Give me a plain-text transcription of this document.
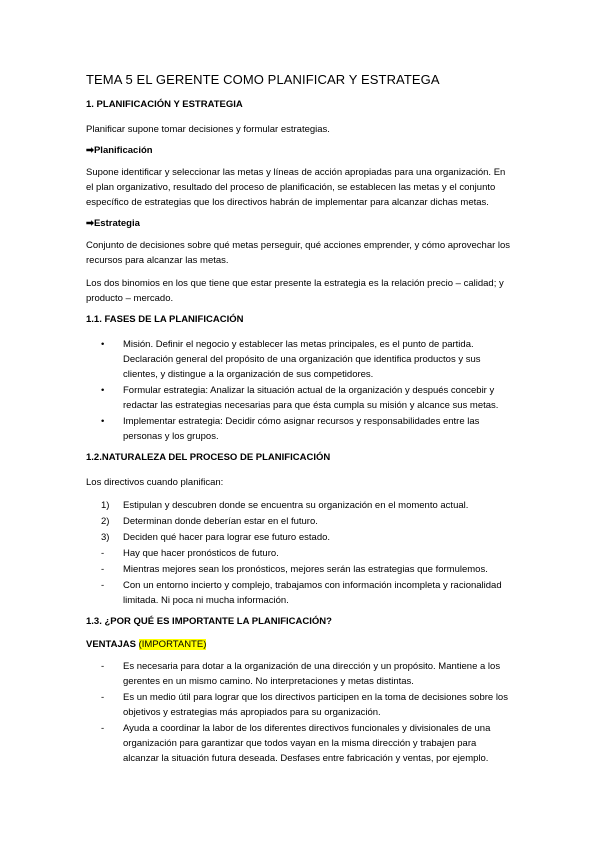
TEMA 5 EL GERENTE COMO PLANIFICAR Y ESTRATEGA
1. PLANIFICACIÓN Y ESTRATEGIA
Planificar supone tomar decisiones y formular estrategias.
➡Planificación
Supone identificar y seleccionar las metas y líneas de acción apropiadas para una organización. En el plan organizativo, resultado del proceso de planificación, se establecen las metas y el conjunto específico de estrategias que los directivos habrán de implementar para alcanzar dichas metas.
➡Estrategia
Conjunto de decisiones sobre qué metas perseguir, qué acciones emprender, y cómo aprovechar los recursos para alcanzar las metas.
Los dos binomios en los que tiene que estar presente la estrategia es la relación precio – calidad; y producto – mercado.
1.1. FASES DE LA PLANIFICACIÓN
• Misión. Definir el negocio y establecer las metas principales, es el punto de partida. Declaración general del propósito de una organización que identifica productos y sus clientes, y distingue a la organización de sus competidores.
• Formular estrategia: Analizar la situación actual de la organización y después concebir y redactar las estrategias necesarias para que ésta cumpla su misión y alcance sus metas.
• Implementar estrategia: Decidir cómo asignar recursos y responsabilidades entre las personas y los grupos.
1.2.NATURALEZA DEL PROCESO DE PLANIFICACIÓN
Los directivos cuando planifican:
1) Estipulan y descubren donde se encuentra su organización en el momento actual.
2) Determinan donde deberían estar en el futuro.
3) Deciden qué hacer para lograr ese futuro estado.
- Hay que hacer pronósticos de futuro.
- Mientras mejores sean los pronósticos, mejores serán las estrategias que formulemos.
- Con un entorno incierto y complejo, trabajamos con información incompleta y racionalidad limitada. Ni poca ni mucha información.
1.3. ¿POR QUÉ ES IMPORTANTE LA PLANIFICACIÓN?
VENTAJAS (IMPORTANTE)
- Es necesaria para dotar a la organización de una dirección y un propósito. Mantiene a los gerentes en un mismo camino. No interpretaciones y metas distintas.
- Es un medio útil para lograr que los directivos participen en la toma de decisiones sobre los objetivos y estrategias más apropiados para su organización.
- Ayuda a coordinar la labor de los diferentes directivos funcionales y divisionales de una organización para garantizar que todos vayan en la misma dirección y trabajen para alcanzar la situación futura deseada. Desfases entre fabricación y ventas, por ejemplo.
